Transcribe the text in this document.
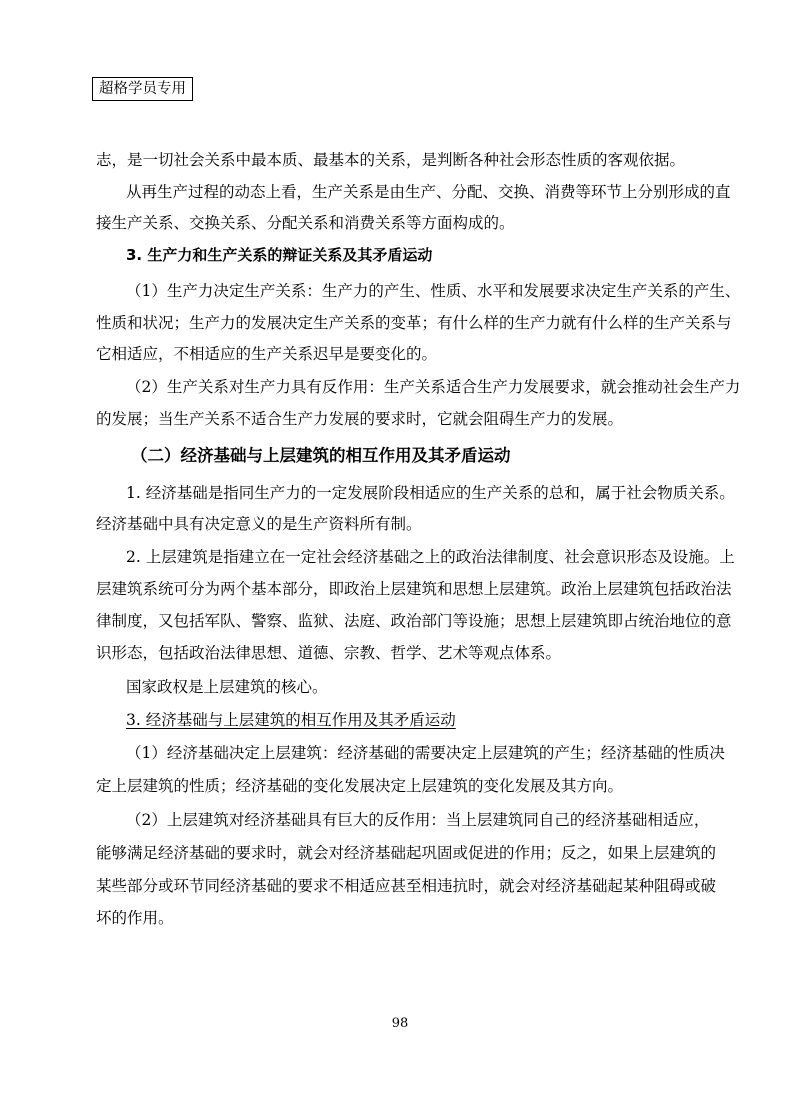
超格学员专用
志，是一切社会关系中最本质、最基本的关系，是判断各种社会形态性质的客观依据。
从再生产过程的动态上看，生产关系是由生产、分配、交换、消费等环节上分别形成的直
接生产关系、交换关系、分配关系和消费关系等方面构成的。
3. 生产力和生产关系的辩证关系及其矛盾运动
（1）生产力决定生产关系：生产力的产生、性质、水平和发展要求决定生产关系的产生、
性质和状况；生产力的发展决定生产关系的变革；有什么样的生产力就有什么样的生产关系与
它相适应，不相适应的生产关系迟早是要变化的。
（2）生产关系对生产力具有反作用：生产关系适合生产力发展要求，就会推动社会生产力
的发展；当生产关系不适合生产力发展的要求时，它就会阻碍生产力的发展。
（二）经济基础与上层建筑的相互作用及其矛盾运动
1. 经济基础是指同生产力的一定发展阶段相适应的生产关系的总和，属于社会物质关系。
经济基础中具有决定意义的是生产资料所有制。
2. 上层建筑是指建立在一定社会经济基础之上的政治法律制度、社会意识形态及设施。上
层建筑系统可分为两个基本部分，即政治上层建筑和思想上层建筑。政治上层建筑包括政治法
律制度，又包括军队、警察、监狱、法庭、政治部门等设施；思想上层建筑即占统治地位的意
识形态，包括政治法律思想、道德、宗教、哲学、艺术等观点体系。
国家政权是上层建筑的核心。
3. 经济基础与上层建筑的相互作用及其矛盾运动
（1）经济基础决定上层建筑：经济基础的需要决定上层建筑的产生；经济基础的性质决
定上层建筑的性质；经济基础的变化发展决定上层建筑的变化发展及其方向。
（2）上层建筑对经济基础具有巨大的反作用：当上层建筑同自己的经济基础相适应，
能够满足经济基础的要求时，就会对经济基础起巩固或促进的作用；反之，如果上层建筑的
某些部分或环节同经济基础的要求不相适应甚至相违抗时，就会对经济基础起某种阻碍或破
坏的作用。
98
